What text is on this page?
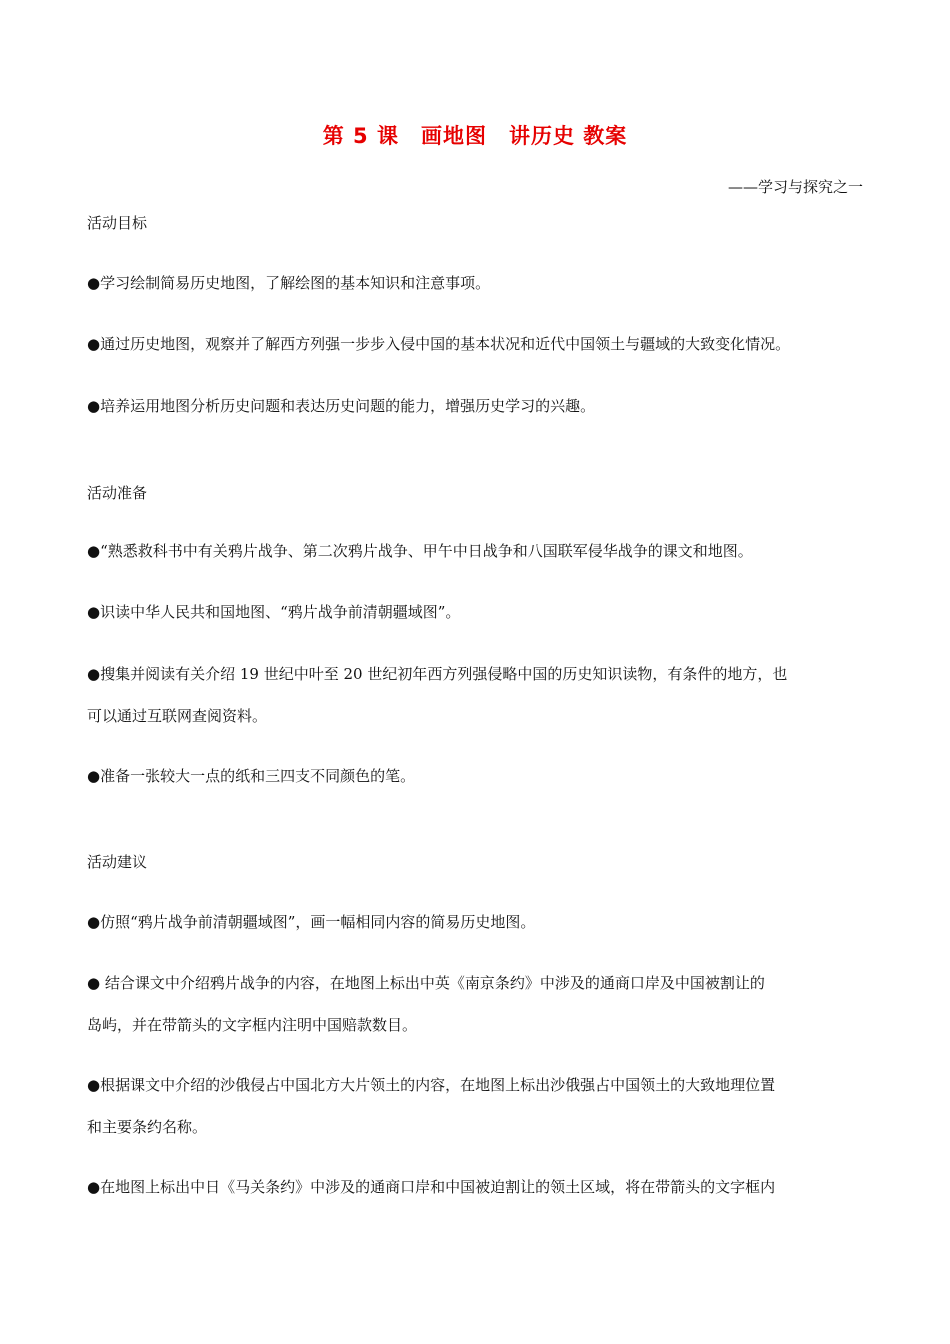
第 5 课　画地图　讲历史 教案
——学习与探究之一
活动目标
●学习绘制简易历史地图，了解绘图的基本知识和注意事项。
●通过历史地图，观察并了解西方列强一步步入侵中国的基本状况和近代中国领土与疆域的大致变化情况。
●培养运用地图分析历史问题和表达历史问题的能力，增强历史学习的兴趣。
活动准备
●“熟悉救科书中有关鸦片战争、第二次鸦片战争、甲午中日战争和八国联军侵华战争的课文和地图。
●识读中华人民共和国地图、“鸦片战争前清朝疆域图”。
●搜集并阅读有关介绍 19 世纪中叶至 20 世纪初年西方列强侵略中国的历史知识读物，有条件的地方，也
可以通过互联网查阅资料。
●准备一张较大一点的纸和三四支不同颜色的笔。
活动建议
●仿照“鸦片战争前清朝疆域图”，画一幅相同内容的简易历史地图。
● 结合课文中介绍鸦片战争的内容，在地图上标出中英《南京条约》中涉及的通商口岸及中国被割让的
岛屿，并在带箭头的文字框内注明中国赔款数目。
●根据课文中介绍的沙俄侵占中国北方大片领土的内容，在地图上标出沙俄强占中国领土的大致地理位置
和主要条约名称。
●在地图上标出中日《马关条约》中涉及的通商口岸和中国被迫割让的领土区域，将在带箭头的文字框内
